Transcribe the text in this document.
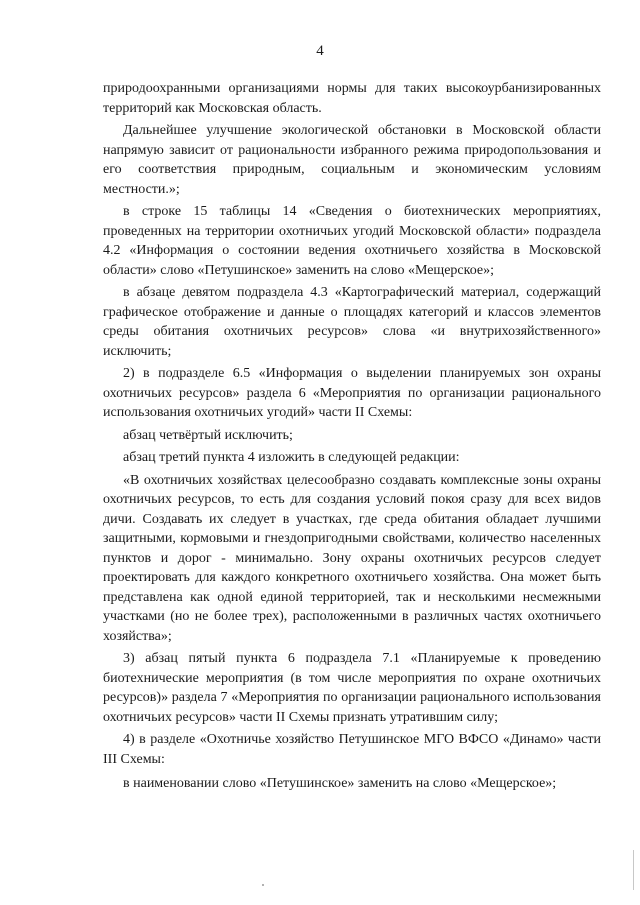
4

природоохранными организациями нормы для таких высокоурбанизированных территорий как Московская область.

Дальнейшее улучшение экологической обстановки в Московской области напрямую зависит от рациональности избранного режима природопользования и его соответствия природным, социальным и экономическим условиям местности.»;

в строке 15 таблицы 14 «Сведения о биотехнических мероприятиях, проведенных на территории охотничьих угодий Московской области» подраздела 4.2 «Информация о состоянии ведения охотничьего хозяйства в Московской области» слово «Петушинское» заменить на слово «Мещерское»;

в абзаце девятом подраздела 4.3 «Картографический материал, содержащий графическое отображение и данные о площадях категорий и классов элементов среды обитания охотничьих ресурсов» слова «и внутрихозяйственного» исключить;

2) в подразделе 6.5 «Информация о выделении планируемых зон охраны охотничьих ресурсов» раздела 6 «Мероприятия по организации рационального использования охотничьих угодий» части II Схемы:

абзац четвёртый исключить;

абзац третий пункта 4 изложить в следующей редакции:

«В охотничьих хозяйствах целесообразно создавать комплексные зоны охраны охотничьих ресурсов, то есть для создания условий покоя сразу для всех видов дичи. Создавать их следует в участках, где среда обитания обладает лучшими защитными, кормовыми и гнездопригодными свойствами, количество населенных пунктов и дорог - минимально. Зону охраны охотничьих ресурсов следует проектировать для каждого конкретного охотничьего хозяйства. Она может быть представлена как одной единой территорией, так и несколькими несмежными участками (но не более трех), расположенными в различных частях охотничьего хозяйства»;

3) абзац пятый пункта 6 подраздела 7.1 «Планируемые к проведению биотехнические мероприятия (в том числе мероприятия по охране охотничьих ресурсов)» раздела 7 «Мероприятия по организации рационального использования охотничьих ресурсов» части II Схемы признать утратившим силу;

4) в разделе «Охотничье хозяйство Петушинское МГО ВФСО «Динамо» части III Схемы:

в наименовании слово «Петушинское» заменить на слово «Мещерское»;
